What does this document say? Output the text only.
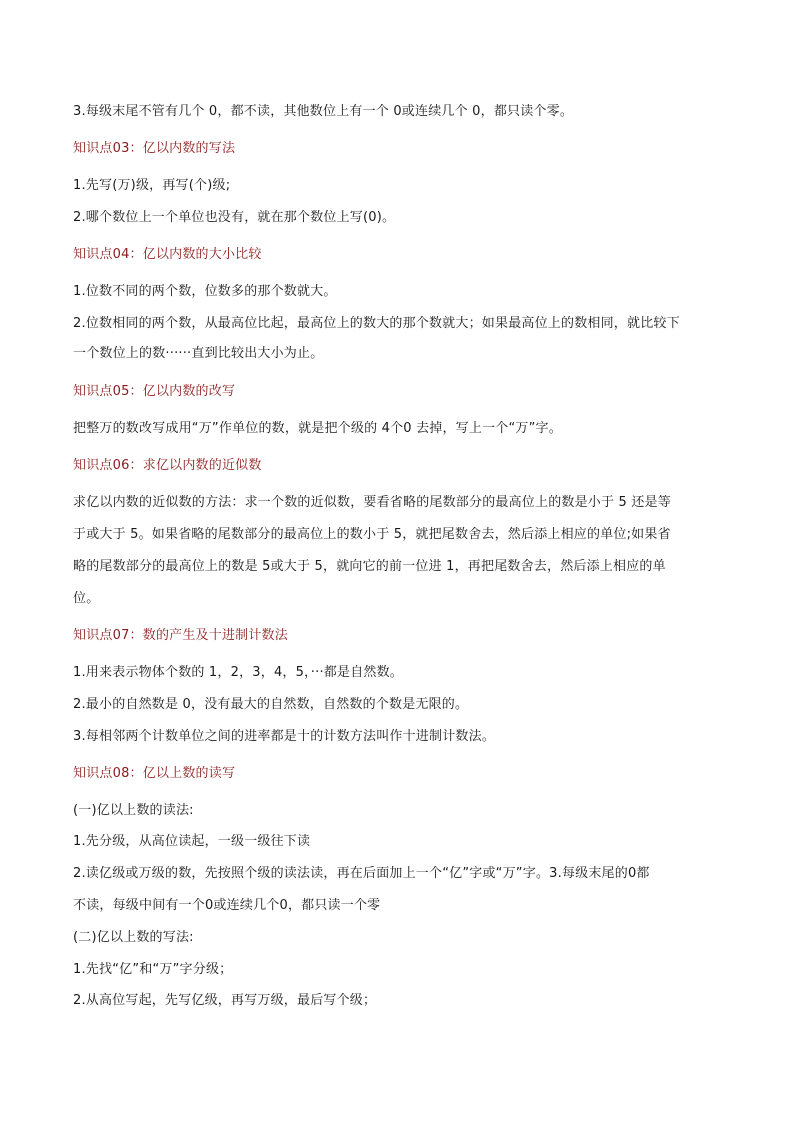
3.每级末尾不管有几个 0，都不读，其他数位上有一个 0或连续几个 0，都只读个零。
知识点03：亿以内数的写法
1.先写(万)级，再写(个)级;
2.哪个数位上一个单位也没有，就在那个数位上写(0)。
知识点04：亿以内数的大小比较
1.位数不同的两个数，位数多的那个数就大。
2.位数相同的两个数，从最高位比起，最高位上的数大的那个数就大；如果最高位上的数相同，就比较下
一个数位上的数······直到比较出大小为止。
知识点05：亿以内数的改写
把整万的数改写成用“万”作单位的数，就是把个级的 4个0 去掉，写上一个“万”字。
知识点06：求亿以内数的近似数
求亿以内数的近似数的方法：求一个数的近似数，要看省略的尾数部分的最高位上的数是小于 5 还是等
于或大于 5。如果省略的尾数部分的最高位上的数小于 5，就把尾数舍去，然后添上相应的单位;如果省
略的尾数部分的最高位上的数是 5或大于 5，就向它的前一位进 1，再把尾数舍去，然后添上相应的单
位。
知识点07：数的产生及十进制计数法
1.用来表示物体个数的 1，2，3，4，5，···都是自然数。
2.最小的自然数是 0，没有最大的自然数，自然数的个数是无限的。
3.每相邻两个计数单位之间的进率都是十的计数方法叫作十进制计数法。
知识点08：亿以上数的读写
(一)亿以上数的读法:
1.先分级，从高位读起，一级一级往下读
2.读亿级或万级的数，先按照个级的读法读，再在后面加上一个“亿”字或“万”字。3.每级末尾的0都
不读，每级中间有一个0或连续几个0，都只读一个零
(二)亿以上数的写法:
1.先找“亿”和“万”字分级；
2.从高位写起，先写亿级，再写万级，最后写个级；
